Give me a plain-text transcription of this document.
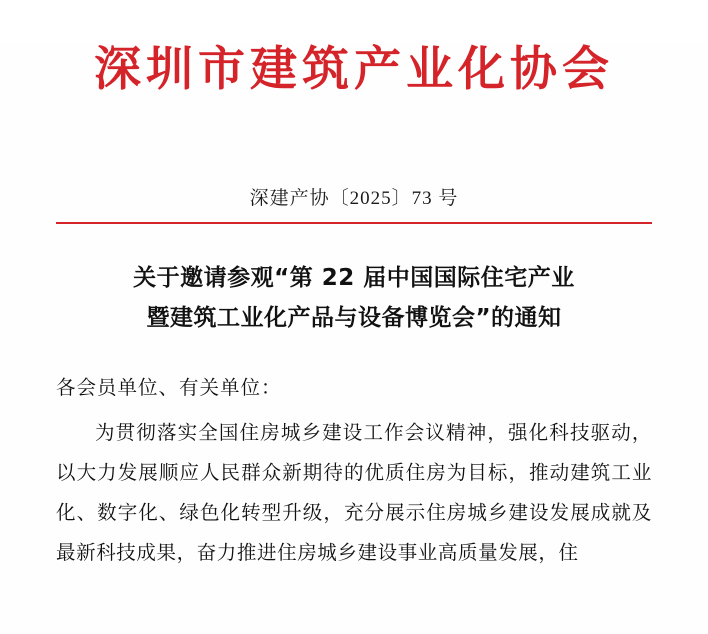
深圳市建筑产业化协会
深建产协〔2025〕73 号
关于邀请参观“第 22 届中国国际住宅产业
暨建筑工业化产品与设备博览会”的通知
各会员单位、有关单位：

为贯彻落实全国住房城乡建设工作会议精神，强化科技驱动，以大力发展顺应人民群众新期待的优质住房为目标，推动建筑工业化、数字化、绿色化转型升级，充分展示住房城乡建设发展成就及最新科技成果，奋力推进住房城乡建设事业高质量发展，住
